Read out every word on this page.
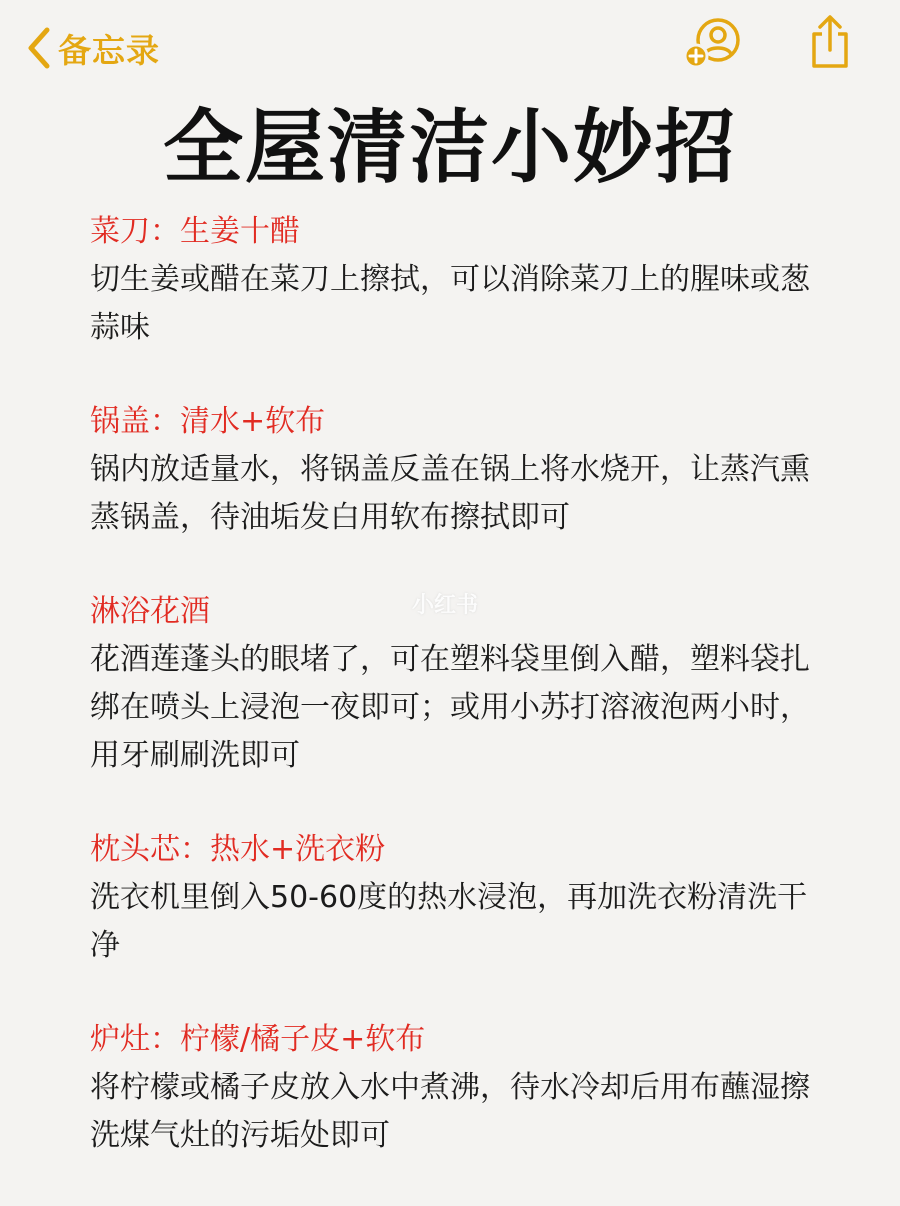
备忘录
全屋清洁小妙招

菜刀：生姜十醋

切生姜或醋在菜刀上擦拭，可以消除菜刀上的腥味或葱蒜味

锅盖：清水+软布

锅内放适量水，将锅盖反盖在锅上将水烧开，让蒸汽熏蒸锅盖，待油垢发白用软布擦拭即可

淋浴花酒

花酒莲蓬头的眼堵了，可在塑料袋里倒入醋，塑料袋扎绑在喷头上浸泡一夜即可；或用小苏打溶液泡两小时，用牙刷刷洗即可

枕头芯：热水+洗衣粉

洗衣机里倒入50-60度的热水浸泡，再加洗衣粉清洗干净

炉灶：柠檬/橘子皮+软布

将柠檬或橘子皮放入水中煮沸，待水冷却后用布蘸湿擦洗煤气灶的污垢处即可

小红书
